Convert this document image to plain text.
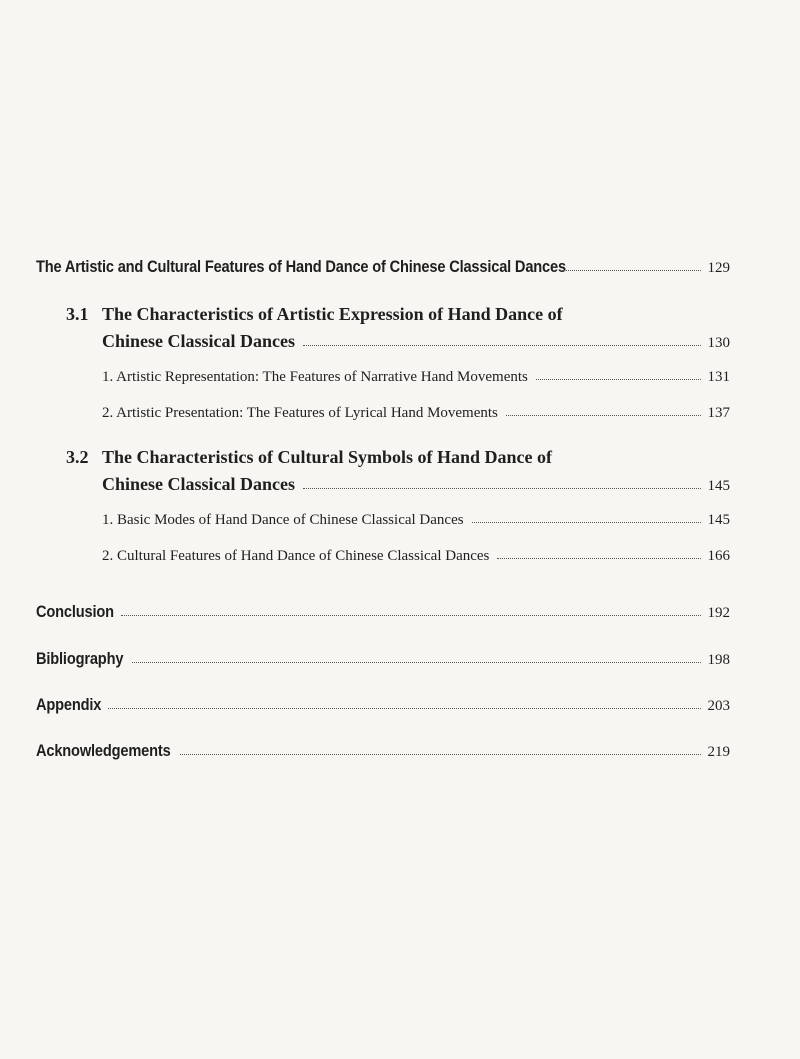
The Artistic and Cultural Features of Hand Dance of Chinese Classical Dances	129
3.1 The Characteristics of Artistic Expression of Hand Dance of
Chinese Classical Dances	130
1. Artistic Representation: The Features of Narrative Hand Movements	131
2. Artistic Presentation: The Features of Lyrical Hand Movements	137
3.2 The Characteristics of Cultural Symbols of Hand Dance of
Chinese Classical Dances	145
1. Basic Modes of Hand Dance of Chinese Classical Dances	145
2. Cultural Features of Hand Dance of Chinese Classical Dances	166
Conclusion	192
Bibliography	198
Appendix	203
Acknowledgements	219
